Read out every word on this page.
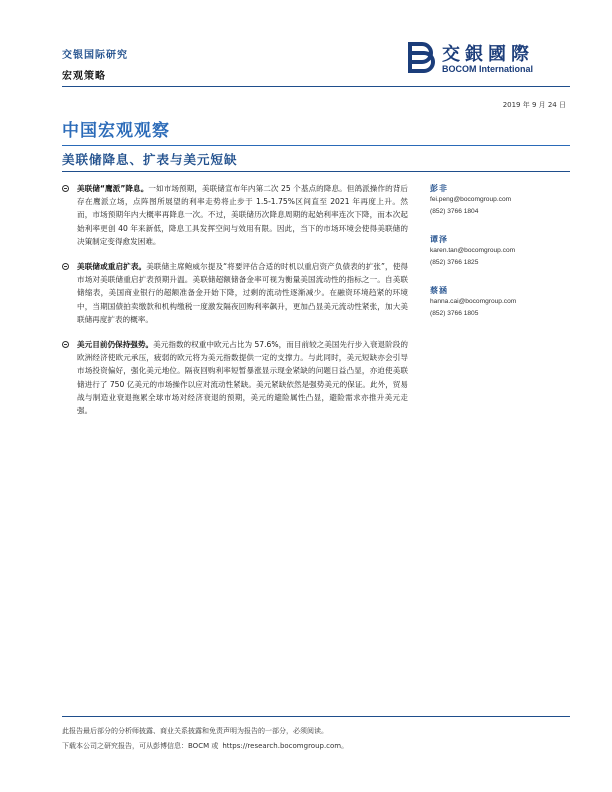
交银国际研究
宏观策略
交銀國際
BOCOM International
2019 年 9 月 24 日
中国宏观观察
美联储降息、扩表与美元短缺
美联储“鹰派”降息。一如市场预期，美联储宣布年内第二次 25 个基点的降息。但鸽派操作的背后存在鹰派立场，点阵图所展望的利率走势将止步于 1.5-1.75%区间直至 2021 年再度上升。然而，市场预期年内大概率再降息一次。不过，美联储历次降息周期的起始利率连次下降，而本次起始利率更创 40 年来新低，降息工具发挥空间与效用有限。因此，当下的市场环境会使得美联储的决策制定变得愈发困难。
美联储或重启扩表。美联储主席鲍威尔提及“将要评估合适的时机以重启资产负债表的扩张”，使得市场对美联储重启扩表预期升温。美联储超额储备金率可视为衡量美国流动性的指标之一。自美联储缩表，美国商业银行的超额准备金开始下降，过剩的流动性逐渐减少。在融资环境趋紧的环境中，当期国债拍卖缴款和机构缴税一度激发隔夜回购利率飙升，更加凸显美元流动性紧张，加大美联储再度扩表的概率。
美元目前仍保持强势。美元指数的权重中欧元占比为 57.6%，而目前较之美国先行步入衰退阶段的欧洲经济使欧元承压，疲弱的欧元将为美元指数提供一定的支撑力。与此同时，美元短缺亦会引导市场投资偏好，强化美元地位。隔夜回购利率短暂暴涨显示现金紧缺的问题日益凸显，亦迫使美联储进行了 750 亿美元的市场操作以应对流动性紧缺。美元紧缺依然是强势美元的保证。此外，贸易战与制造业衰退拖累全球市场对经济衰退的预期，美元的避险属性凸显，避险需求亦推升美元走强。
彭非
fei.peng@bocomgroup.com
(852) 3766 1804
谭泽
karen.tan@bocomgroup.com
(852) 3766 1825
蔡涵
hanna.cai@bocomgroup.com
(852) 3766 1805
此报告最后部分的分析师披露、商业关系披露和免责声明为报告的一部分，必须阅读。
下载本公司之研究报告，可从彭博信息：BOCM 或 https://research.bocomgroup.com。
